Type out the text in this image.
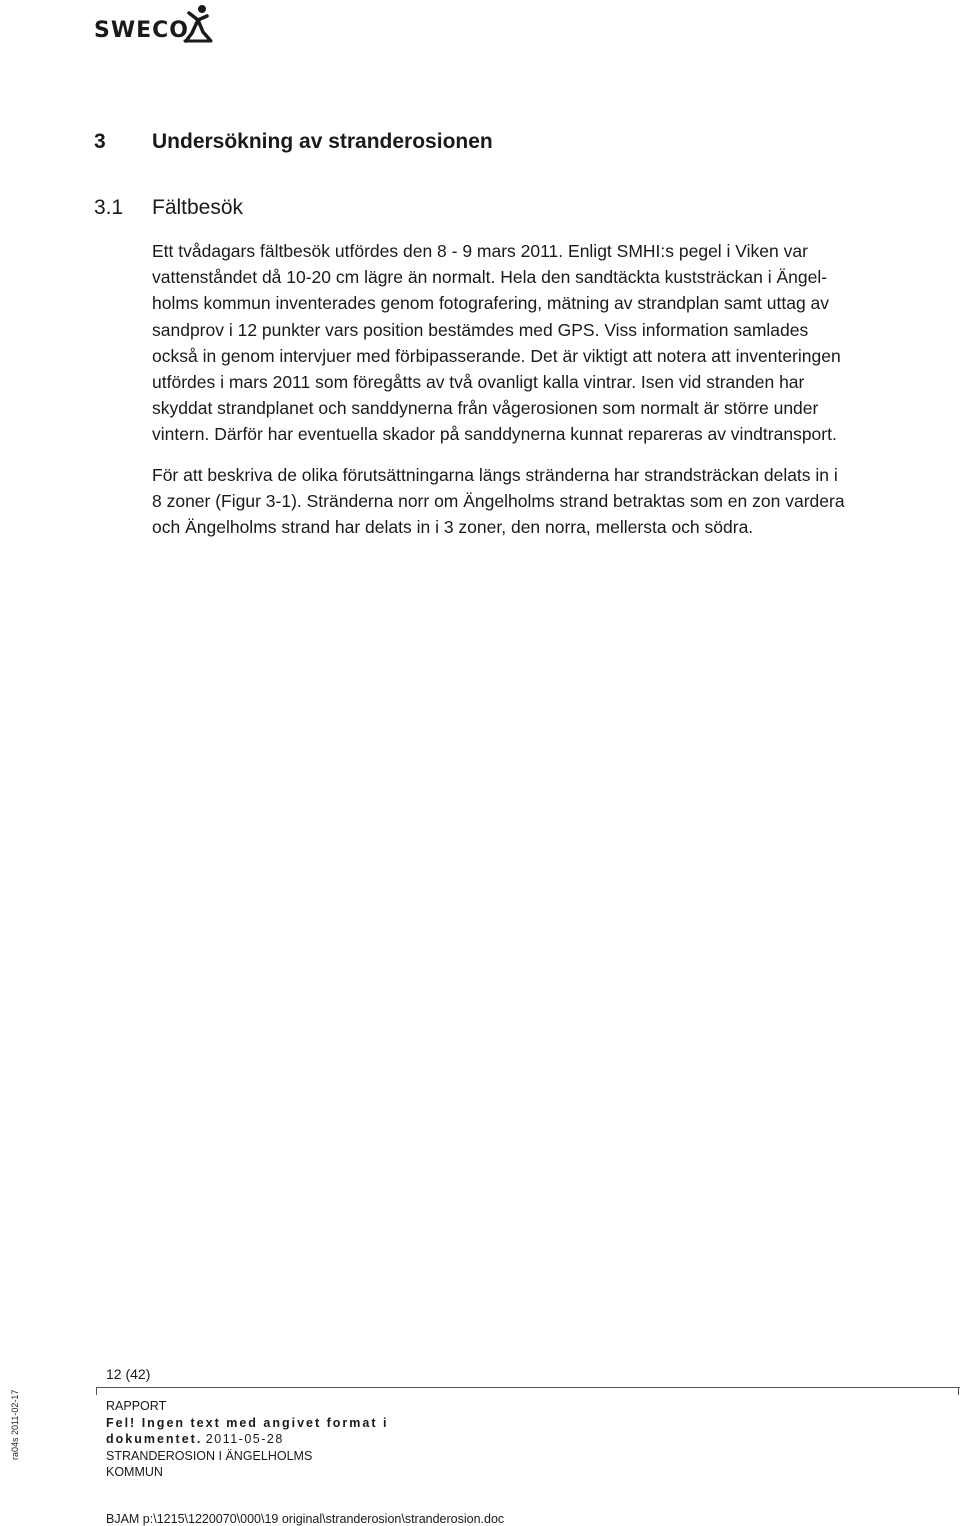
SWECO
3 Undersökning av stranderosionen
3.1 Fältbesök
Ett tvådagars fältbesök utfördes den 8 - 9 mars 2011. Enligt SMHI:s pegel i Viken var
vattenståndet då 10-20 cm lägre än normalt. Hela den sandtäckta kuststräckan i Ängel-
holms kommun inventerades genom fotografering, mätning av strandplan samt uttag av
sandprov i 12 punkter vars position bestämdes med GPS. Viss information samlades
också in genom intervjuer med förbipasserande. Det är viktigt att notera att inventeringen
utfördes i mars 2011 som föregåtts av två ovanligt kalla vintrar. Isen vid stranden har
skyddat strandplanet och sanddynerna från vågerosionen som normalt är större under
vintern. Därför har eventuella skador på sanddynerna kunnat repareras av vindtransport.
För att beskriva de olika förutsättningarna längs stränderna har strandsträckan delats in i
8 zoner (Figur 3-1). Stränderna norr om Ängelholms strand betraktas som en zon vardera
och Ängelholms strand har delats in i 3 zoner, den norra, mellersta och södra.
ra04s 2011-02-17
12 (42)
RAPPORT
Fel! Ingen text med angivet format i
dokumentet. 2011-05-28
STRANDEROSION I ÄNGELHOLMS
KOMMUN
BJAM p:\1215\1220070\000\19 original\stranderosion\stranderosion.doc
